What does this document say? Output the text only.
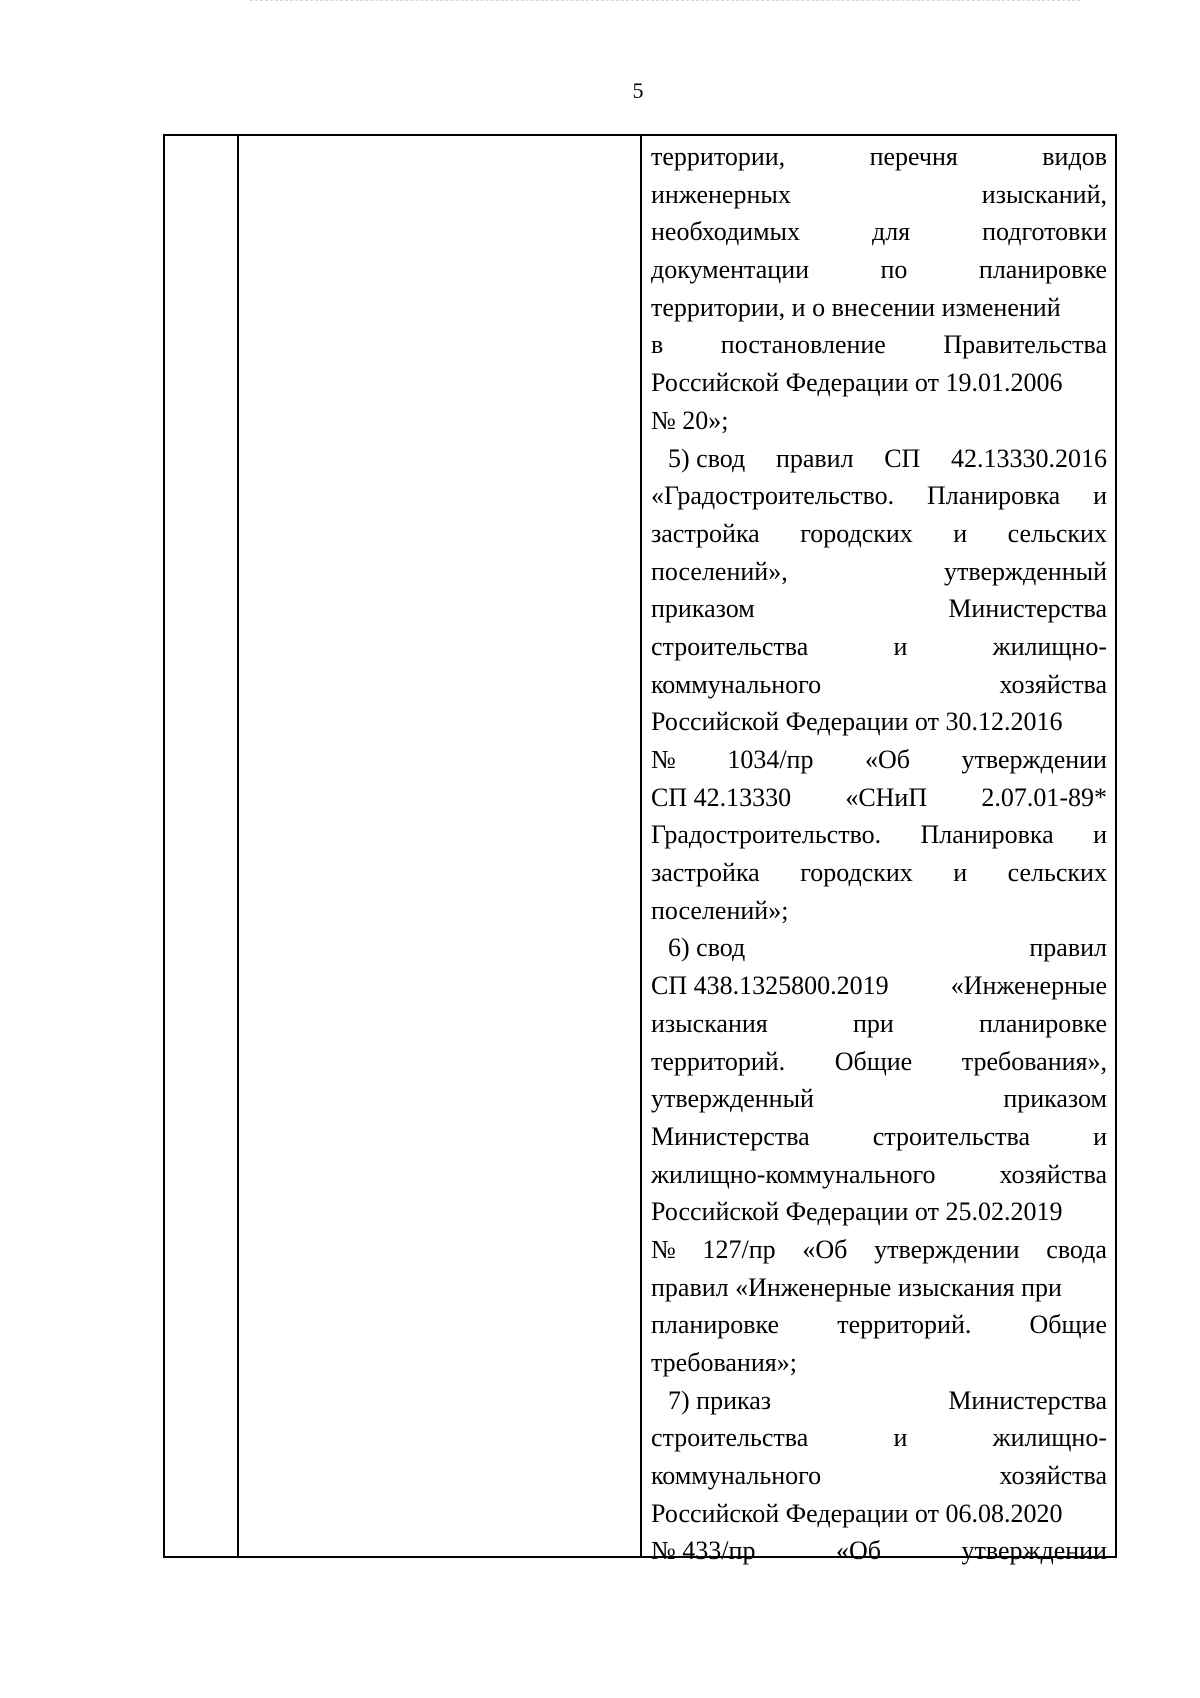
5
территории,	перечня	видов
инженерных	изысканий,
необходимых	для	подготовки
документации	по	планировке
территории, и о внесении изменений
в постановление Правительства
Российской Федерации от 19.01.2006
№ 20»;
5) свод правил СП 42.13330.2016
«Градостроительство. Планировка и
застройка городских и сельских
поселений»,	утвержденный
приказом	Министерства
строительства	и	жилищно-
коммунального	хозяйства
Российской Федерации от 30.12.2016
№ 1034/пр «Об утверждении
СП 42.13330 «СНиП 2.07.01-89*
Градостроительство. Планировка и
застройка городских и сельских
поселений»;
6) свод	правил
СП 438.1325800.2019 «Инженерные
изыскания	при	планировке
территорий. Общие требования»,
утвержденный	приказом
Министерства строительства и
жилищно-коммунального хозяйства
Российской Федерации от 25.02.2019
№ 127/пр «Об утверждении свода
правил «Инженерные изыскания при
планировке территорий. Общие
требования»;
7) приказ	Министерства
строительства	и	жилищно-
коммунального	хозяйства
Российской Федерации от 06.08.2020
№ 433/пр	«Об	утверждении
